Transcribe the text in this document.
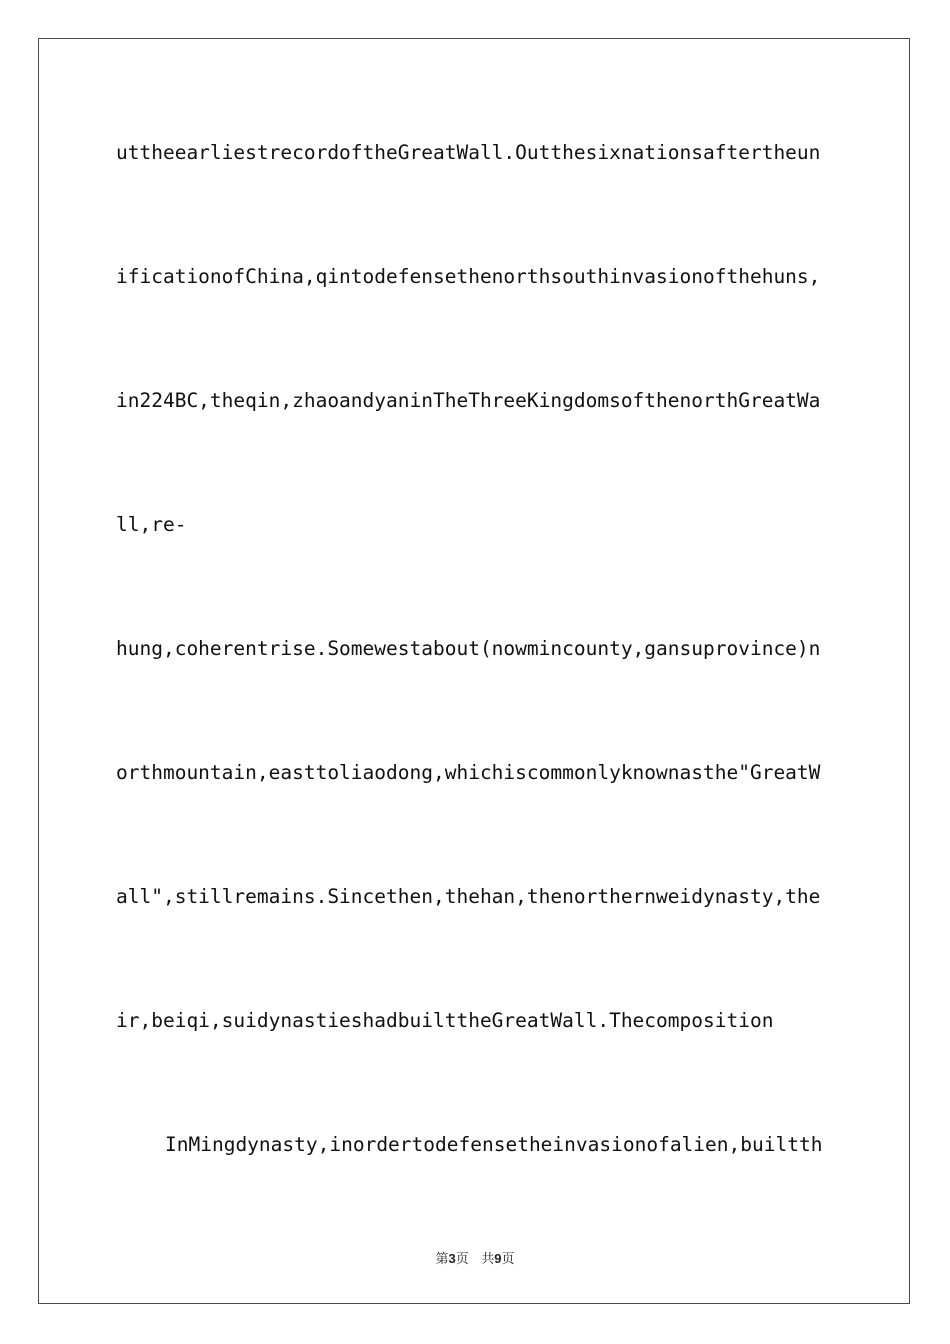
uttheearliestrecordoftheGreatWall.Outthesixnationsaftertheun
ificationofChina,qintodefensethenorthsouthinvasionofthehuns,
in224BC,theqin,zhaoandyaninTheThreeKingdomsofthenorthGreatWa
ll,re-
hung,coherentrise.Somewestabout(nowmincounty,gansuprovince)n
orthmountain,easttoliaodong,whichiscommonlyknownasthe"GreatW
all",stillremains.Sincethen,thehan,thenorthernweidynasty,the
ir,beiqi,suidynastieshadbuilttheGreatWall.Thecomposition
InMingdynasty,inordertodefensetheinvasionofalien,builtth
第3页 共9页
